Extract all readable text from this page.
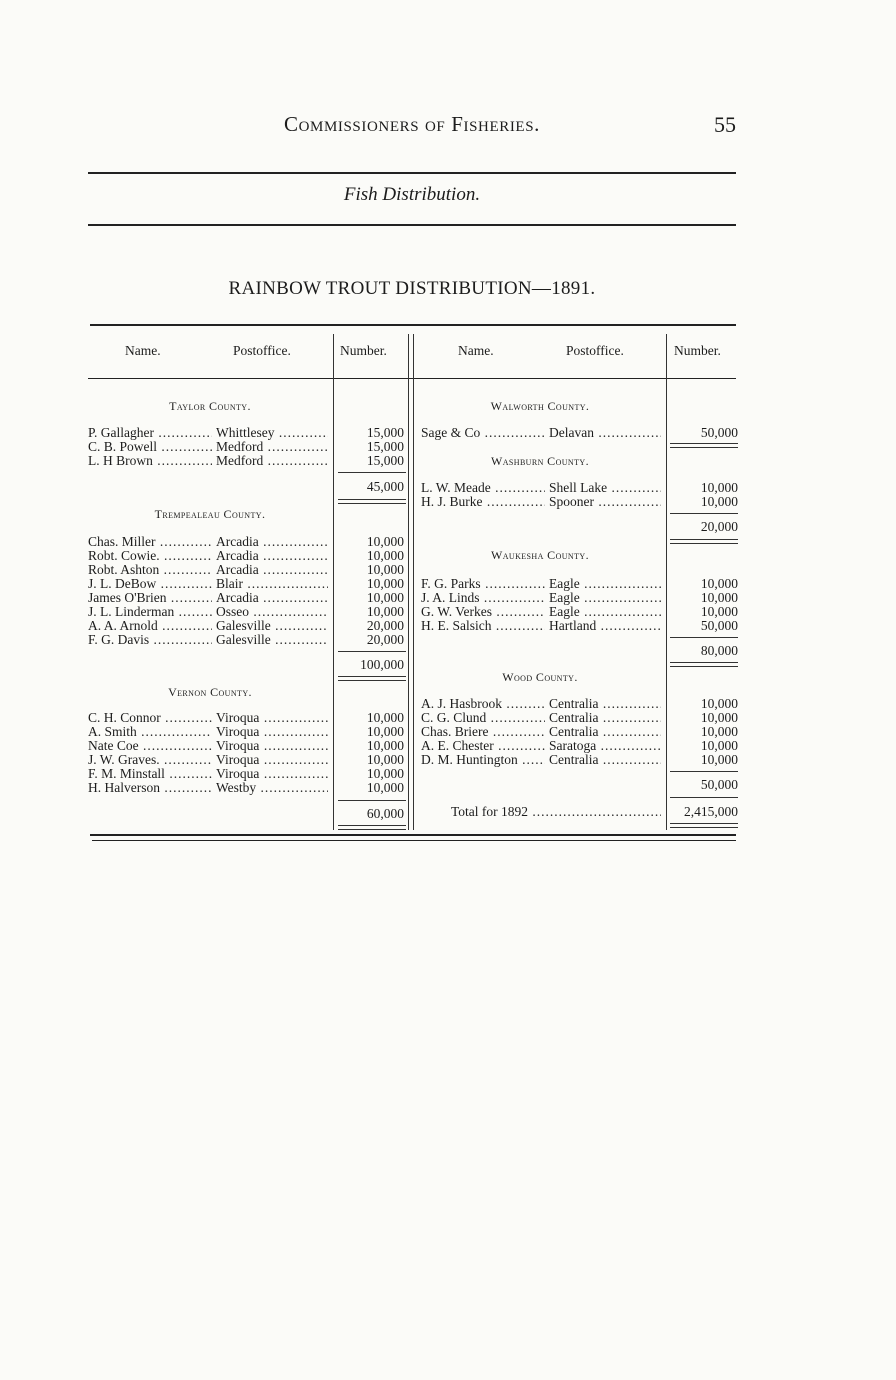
Commissioners of Fisheries.	55
Fish Distribution.
RAINBOW TROUT DISTRIBUTION—1891.
Name.	Postoffice.	Number.	Name.	Postoffice.	Number.
Taylor County.
P. Gallagher .....	Whittlesey .....	15,000
C. B. Powell .....	Medford .....	15,000
L. H Brown .....	Medford .....	15,000
45,000
Trempealeau County.
Chas. Miller .....	Arcadia .....	10,000
Robt. Cowie. .....	Arcadia .....	10,000
Robt. Ashton .....	Arcadia .....	10,000
J. L. DeBow .....	Blair .....	10,000
James O'Brien .....	Arcadia .....	10,000
J. L. Linderman .....	Osseo .....	10,000
A. A. Arnold .....	Galesville .....	20,000
F. G. Davis .....	Galesville .....	20,000
100,000
Vernon County.
C. H. Connor .....	Viroqua .....	10,000
A. Smith .....	Viroqua .....	10,000
Nate Coe .....	Viroqua .....	10,000
J. W. Graves. .....	Viroqua .....	10,000
F. M. Minstall .....	Viroqua .....	10,000
H. Halverson .....	Westby .....	10,000
60,000
Walworth County.
Sage & Co .....	Delavan .....	50,000
Washburn County.
L. W. Meade .....	Shell Lake .....	10,000
H. J. Burke .....	Spooner .....	10,000
20,000
Waukesha County.
F. G. Parks .....	Eagle .....	10,000
J. A. Linds .....	Eagle .....	10,000
G. W. Verkes .....	Eagle .....	10,000
H. E. Salsich .....	Hartland .....	50,000
80,000
Wood County.
A. J. Hasbrook .....	Centralia .....	10,000
C. G. Clund .....	Centralia .....	10,000
Chas. Briere .....	Centralia .....	10,000
A. E. Chester .....	Saratoga .....	10,000
D. M. Huntington .....	Centralia .....	10,000
50,000
Total for 1892 .....	2,415,000
